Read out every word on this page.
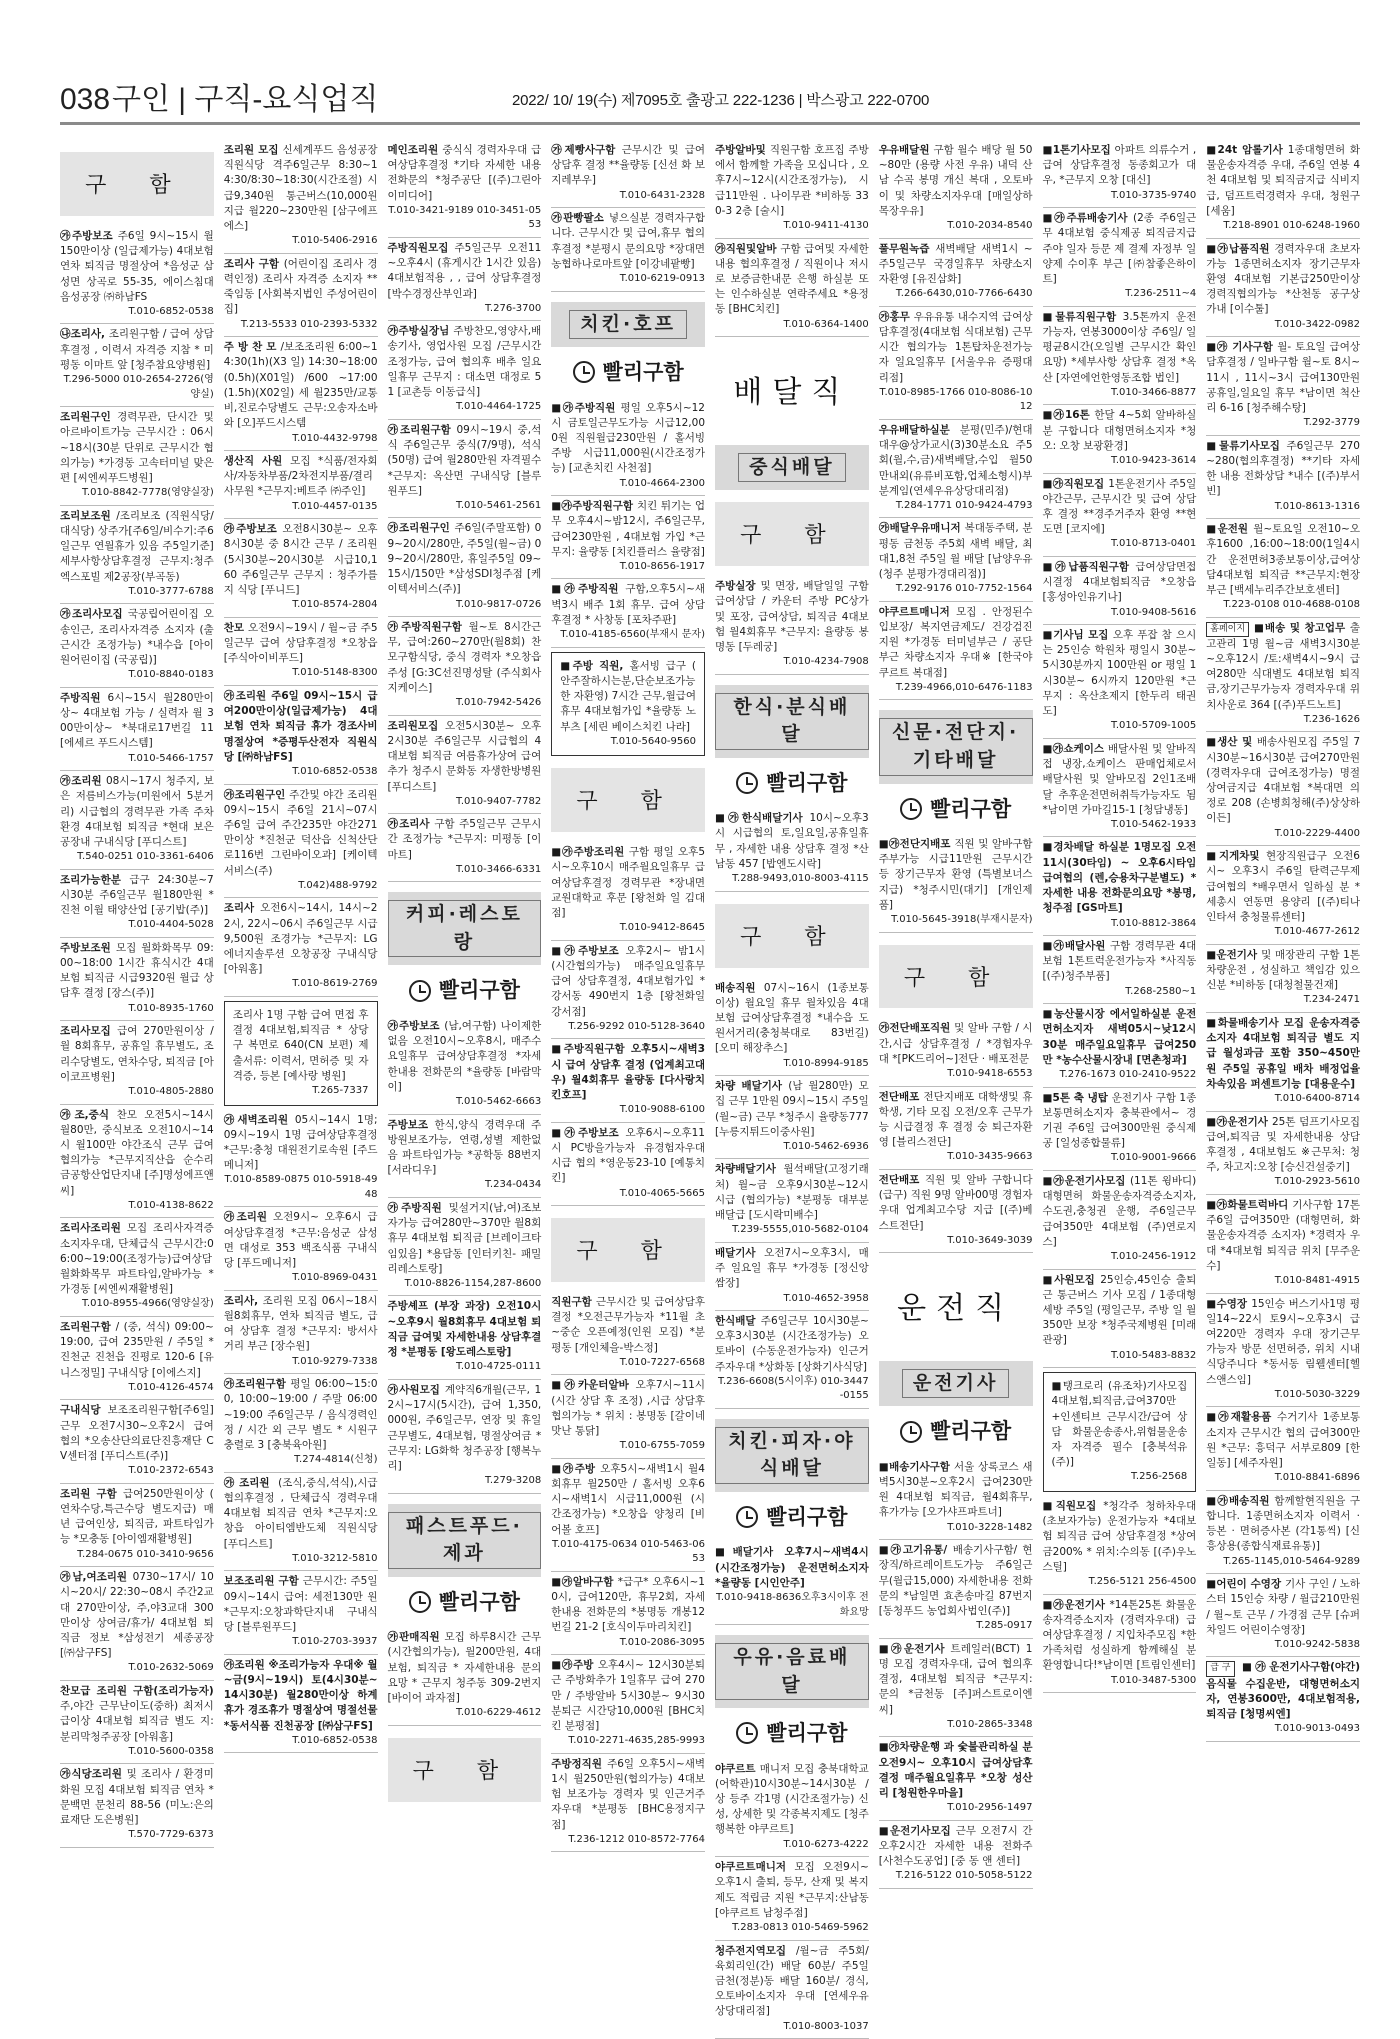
038 구인 | 구직-요식업직	2022/ 10/ 19(수) 제7095호 출광고 222-1236 | 박스광고 222-0700
구 함
㉮주방보조 주6일 9시~15시 월150만이상 (일급제가능) 4대보험 연차 퇴직금 명절상여 *음성군 삼성면 상곡로 55-35, 에이스침대 음성공장 ㈜하남FS
T.010-6852-0538
㉯조리사, 조리원구함 / 급여 상담후결정 , 이력서 자격증 지참 * 미평동 이마트 앞 [청주참요양병원]
T.296-5000 010-2654-2726(영양실)
조리원구인 경력무관, 단시간 및 아르바이트가능 근무시간 : 06시~18시(30분 단위로 근무시간 협의가능) *가경동 고속터미널 맞은편 [씨엔씨푸드병원]
T.010-8842-7778(영양실장)
조리보조원 /조리보조 (직원식당/대식당) 상주가[주6일/비수기:주6일근무 연월휴가 있음 주5일기준] 세부사항상담후결정 근무지:청주엑스포빌 제2공장(부곡동)
T.010-3777-6788
㉮조리사모집 국공립어린이집 오송인근, 조리사자격증 소지자 (출근시간 조정가능) *내수읍 [아이원어린이집 (국공립)]
T.010-8840-0183
주방직원 6시~15시 월280만이상~ 4대보험 가능 / 실력자 월 300만이상~ *북대로17번길 11 [에세르 푸드시스템]
T.010-5466-1757
㉮조리원 08시~17시 청주지, 보은 저름비스가능(미원에서 5분거리) 시급협의 경력무관 가족 주차환경 4대보험 퇴직금 *현대 보은공장내 구내식당 [푸디스트]
T.540-0251 010-3361-6406
조리가능한분 급구 24:30분~7시30분 주6일근무 월180만원 * 진천 이월 태양산업 [공기밥(주)]
T.010-4404-5028
주방보조원 모집 월화화목무 09:00~18:00 1시간 휴식시간 4대보험 퇴직금 시급9320원 월급 상담후 결정 [장스(주)]
T.010-8935-1760
조리사모집 급여 270만원이상 / 월 8회휴무, 공휴일 휴무별도, 조리수당별도, 연차수당, 퇴직금 [아이코프병원]
T.010-4805-2880
㉮조,중식 찬모 오전5시~14시 월80만, 중식보조 오전10시~14시 월100만 야간조식 근무 급여협의가능 *근무지직산읍 순수리 금공항산업단지내 [주]명성에프앤씨]
T.010-4138-8622
조리사조리원 모집 조리사자격증소지자우대, 단체급식 근무시간:06:00~19:00(조정가능)급여상담 월화화목무 파트타임,알바가능 *가경동 [씨엔씨재활병원]
T.010-8955-4966(영양실장)
조리원구함 / (중, 석식) 09:00~19:00, 급여 235만원 / 주5일 * 진천군 진천읍 진평로 120-6 [유니스정밀] 구내식당 [이에스지]
T.010-4126-4574
구내식당 보조조리원구함[주6일] 근무 오전7시30~오후2시 급여협의 *오송산단의료단진흥재단 CV센터점 [푸디스트(주)]
T.010-2372-6543
조리원 구함 급여250만원이상 ( 연차수당,특근수당 별도지급) 매년 급여인상, 퇴직금, 파트타임가능 *모충동 [아이엠재활병원]
T.284-0675 010-3410-9656
㉮남,여조리원 0730~17시/ 10시~20시/ 22:30~08시 주간2교대 270만이상, 주,야3교대 300만이상 상여금/휴가/ 4대보험 퇴직금 정보 *삼성전기 세종공장 [㈜삼구FS]
T.010-2632-5069
찬모급 조리원 구함(조리가능자) 주,야간 근무난이도(중하) 최저시급이상 4대보험 퇴직금 별도 지: 분리막청주공장 [아워홈]
T.010-5600-0358
㉮식당조리원 및 조리사 / 환경미화원 모집 4대보험 퇴직금 연차 *문백면 문천리 88-56 (미노:은의료재단 도은병원]
T.570-7729-6373
조리원 모집 신세계푸드 음성공장 직원식당 격주6일근무 8:30~14:30/8:30~18:30(시간조절) 시급9,340원 통근버스(10,000원 지급 월220~230만원 [삼구에프에스]
T.010-5406-2916
조리사 구함 (어린이집 조리사 경력인정) 조리사 자격증 소지자 **죽임동 [사회복지법인 주성어린이집]
T.213-5533 010-2393-5332
주 방 찬 모 /보조조리원 6:00~14:30(1h)(X3 일) 14:30~18:00(0.5h)(X01일) /600 ~17:00(1.5h)(X02일) 세 월235만/교통비,진로수당별도 근무:오송자소바와 [오]푸드시스템
T.010-4432-9798
생산직 사원 모집 *식품/전자회사/자동차부품/2차전지부품/결리사무원 *근무지:베트주 ㈜주인]
T.010-4457-0135
㉮주방보조 오전8시30분~ 오후8시30분 중 8시간 근무 / 조리원(5시30분~20시30분 시급10,160 주6일근무 근무지 : 청주가를지 식당 [푸니드]
T.010-8574-2804
찬모 오전9시~19시 / 월~금 주5일근무 급여 상담후결정 *오창읍 [주식아이비푸드]
T.010-5148-8300
㉮조리원 주6일 09시~15시 급여200만이상(일급제가능) 4대보험 연차 퇴직금 휴가 경조사비 명절상여 *증평두산전자 직원식당 [㈜하남FS]
T.010-6852-0538
㉮조리원구인 주간및 야간 조리원 09시~15시 주6일 21시~07시 주6일 급여 주간235만 야간271만이상 *진천군 덕산읍 신척산단로116번 그린바이오과] [케이텍서비스(주)
T.042)488-9792
조리사 오전6시~14시, 14시~22시, 22시~06시 주6일근무 시급9,500원 조경가능 *근무지: LG에너지솔루션 오창공장 구내식당 [아워홈]
T.010-8619-2769
조리사 1명 구함 급여 면접 후 결정 4대보험,퇴직금 * 상당구 복면로 640(CN 보편) 제출서류: 이력서, 면허증 및 자격증, 등본 [예사랑 병원]
T.265-7337
㉮새벽조리원 05시~14시 1명; 09시~19시 1명 급여상담후결정 *근무:충청 대원전기로속원 [주드메니저]
T.010-8589-0875 010-5918-4948
㉮조리원 오전9시~ 오후6시 급여상담후결정 *근무:음성군 삼성면 대성로 353 백조식품 구내식당 [푸드메니저]
T.010-8969-0431
조리사, 조리원 모집 06시~18시 월8회휴무, 연차 퇴직금 별도, 급여 상담후 결정 *근무지: 방서사거리 부근 [장수원]
T.010-9279-7338
㉮조리원구함 평일 06:00~15:00, 10:00~19:00 / 주말 06:00~19:00 주6일근무 / 음식경력인정 / 시간 외 근무 별도 * 시원구 충렬로 3 [충북육아원]
T.274-4814(신청)
㉮조리원 (조식,중식,석식),시급 협의후결정 , 단체급식 경력우대 4대보험 퇴직금 연차 *근무지:오창읍 아이티엠반도체 직원식당 [푸디스트]
T.010-3212-5810
보조조리원 구함 근무시간: 주5일 09시~14시 급여: 세전130만 원 *근무지:오창과학단지내 구내식당 [블루원푸드]
T.010-2703-3937
㉮조리원 ※조리가능자 우대※ 월~금(9시~19시) 토(4시30분~14시30분) 월280만이상 하계휴가 경조휴가 명절상여 명절선물 *동서식품 진천공장 [㈜삼구FS]
T.010-6852-0538
메인조리원 중식식 경력자우대 급여상담후결정 *기타 자세한 내용 전화문의 *청주공단 [(주)그린아이미디어]
T.010-3421-9189 010-3451-0553
주방직원모집 주5일근무 오전11~오후4시 (휴게시간 1시간 있음) 4대보험적용 , , 급여 상담후결정 [박수경정산부인과]
T.276-3700
㉮주방실장님 주방찬모,영양사,배송기사, 영업사원 모집 /근무시간조정가능, 급여 협의후 배추 일요일휴무 근무지 : 대소면 대정로 51 [교촌등 이동급식]
T.010-4464-1725
㉮조리원구함 09시~19시 중,석식 주6일근무 중식(7/9명), 석식(50명) 급여 월280만원 자격필수 *근무지: 옥산면 구내식당 [블루원푸드]
T.010-5461-2561
㉮조리원구인 주6일(주말포함) 09~20시/280만, 주5일(월~금) 09~20시/280만, 휴일주5일 09~15시/150만 *삼성SDI청주점 [케이텍서비스(주)]
T.010-9817-0726
㉮주방직원구함 월~토 8시간근무, 급여:260~270만(월8회) 찬모구함식당, 중식 경력자 *오창읍 주성 [G:3C선진명성탈 (주식회사 지케이스]
T.010-7942-5426
조리원모집 오전5시30분~ 오후2시30분 주6일근무 시급협의 4대보험 퇴직금 여름휴가상여 급여 추가 청주시 문화동 자생한방병원 [푸디스트]
T.010-9407-7782
㉮조리사 구함 주5일근무 근무시간 조정가능 *근무지: 미평동 [이마트]
T.010-3466-6331
커피·레스토랑
빨리구함
㉮주방보조 (남,여구함) 나이제한 없음 오전10시~오후8시, 매주수요일휴무 급여상담후결정 *자세한내용 전화문의 *율량동 [바람막이]
T.010-5462-6663
주방보조 한식,양식 경력우대 주방원보조가능, 연령,성별 제한없음 파트타임가능 *공학동 88번지 [서라디우]
T.234-0434
㉮주방직원 및설거지(남,여)조보자가능 급여280만~370만 월8회휴무 4대보험 퇴직금 [브레이크타임있음] *용담동 [인터키친- 패밀리레스토랑]
T.010-8826-1154,287-8600
주방셰프 (부장 과장) 오전10시~오후9시 월8회휴무 4대보험 퇴직금 급여및 자세한내용 상담후결정 *분평동 [왕도레스토랑]
T.010-4725-0111
㉮사원모집 계약직6개월(근무, 12시~17시(5시간), 급여 1,350,000원, 주6일근무, 연장 및 휴일 근무별도, 4대보험, 명절상여금 *근무지: LG화학 청주공장 [행복누리]
T.279-3208
패스트푸드·제과
빨리구함
㉮판매직원 모집 하루8시간 근무(시간협의가능), 월200만원, 4대보험, 퇴직금 * 자세한내용 문의요망 * 근무지 청주동 309-2번지 [바이어 과자점]
T.010-6229-4612
구 함
㉮제빵사구함 근무시간 및 급여 상담후 결정 **율량동 [신선 화 보지레부우]
T.010-6431-2328
㉮판빵팔소 넣으실분 경력자구합니다. 근무시간 및 급여,휴무 협의후결정 *분평시 문의요망 *장대면 농협하나로마트앞 [이강네팥빵]
T.010-6219-0913
치킨·호프
빨리구함
■㉮주방직원 평일 오후5시~12시 금토일근무도가능 시급12,000원 직원월급230만원 / 홀서빙 주방 시급11,000원(시간조정가능) [교촌치킨 사천점]
T.010-4664-2300
■㉮주방직원구함 치킨 튀기는 업무 오후4시~밤12시, 주6일근무, 급여230만원 , 4대보험 가입 *근무지: 율량동 [치킨플러스 율량점]
T.010-8656-1917
■㉮주방직원 구함,오후5시~새벽3시 배주 1회 휴무. 급여 상담후결정 * 사창동 [포차주판]
T.010-4185-6560(부재시 문자)
■주방 직원, 홀서빙 급구 ( 안주잘하시는분,단순보조가능한 자환영) 7시간 근무,월급여 휴무 4대보험가입 *율량동 노부츠 [세린 베이스치킨 나라]
T.010-5640-9560
구 함
■㉮주방조리원 구함 평일 오후5시~오후10시 매주월요일휴무 급여상담후결정 경력무관 *장내면 교원대학교 후문 [왕천화 일 김대점]
T.010-9412-8645
■㉮주방보조 오후2시~ 밤1시(시간협의가능) 매주일요일휴무 급여 상담후결정, 4대보험가입 *강서동 490번지 1층 [왕천화일 강서점]
T.256-9292 010-5128-3640
■주방직원구함 오후5시~새벽3시 급여 상담후 결정 (업계최고대우) 월4회휴무 율량동 [다사랑치킨호프]
T.010-9088-6100
■㉮주방보조 오후6시~오후11시 PC방을가능자 유경험자우대 시급 협의 *영운동23-10 [예통치킨]
T.010-4065-5665
구 함
직원구함 근무시간 및 급여상담후결정 *오전근무가능자 *11월 초~중순 오픈예정(인원 모집) *분평동 [개인체을-박스정]
T.010-7227-6568
■㉮카운터알바 오후7시~11시 (시간 상담 후 조정) ,시급 상담후 협의가능 * 위치 : 봉명동 [갈이네 맛난 통닭]
T.010-6755-7059
■㉮주방 오후5시~새벽1시 월4회휴무 월250만 / 홀서빙 오후6시~새벽1시 시급11,000원 (시간조정가능) *오창읍 양청리 [비어볼 호프]
T.010-4175-0634 010-5463-0653
■㉮알바구함 *급구* 오후6시~10시, 급여120만, 휴무2회, 자세한내용 전화문의 *봉명동 개봉12번길 21-2 [호식이두마리치킨]
T.010-2086-3095
■㉮주방 오후4시~ 12시30분퇴근 주방화추가 1일휴무 급여 270만 / 주방알바 5시30분~ 9시30분퇴근 시간당10,000원 [BHC치킨 분평점]
T.010-2271-4635,285-9993
주방정직원 주6일 오후5시~새벽1시 월250만원(협의가능) 4대보험 보조가능 경력자 및 인근거주자우대 *분평동 [BHC용정지구점]
T.236-1212 010-8572-7764
주방알바및 직원구함 호프집 주방에서 함께할 가족을 모십니다 , 오후7시~12시(시간조정가능), 시급11만원 . 나이무관 *비하동 330-3 2층 [술시]
T.010-9411-4130
㉮직원및알바 구함 급여및 자세한내용 협의후결정 / 직원이나 저시로 보증금한내문 은행 하실분 또는 인수하실분 연락주세요 *용정동 [BHC치킨]
T.010-6364-1400
배달직
중식배달
구 함
주방실장 및 면장, 배달일일 구함 급여상담 / 카운터 주방 PC상가 및 포장, 급여상담, 퇴직금 4대보험 월4회휴무 *근무지: 율량동 봉명동 [두레궁]
T.010-4234-7908
한식·분식배달
빨리구함
■㉮한식배달기사 10시~오후3시 시급협의 토,일요일,공휴일휴무 , 자세한 내용 상담후 결정 *산남동 457 [밥엔도시락]
T.288-9493,010-8003-4115
구 함
배송직원 07시~16시 (1종보통이상) 월요일 휴무 월차있음 4대보험 급여상담후결정 *내수읍 도원서거리(충청북대로 83번길) [오미 해장추스]
T.010-8994-9185
차량 배달기사 (남 월280만) 모집 근무 1만원 09시~15시 주5일 (월~금) 근무 *청주시 율량동777 [누릉지튀드이중사원]
T.010-5462-6936
차량배달기사 월석배달(고정기래처) 월~금 오후9시30분~12시 시급 (협의가능) *분평동 대부분 배달급 [도시락미배수]
T.239-5555,010-5682-0104
배달기사 오전7시~오후3시, 매주 일요일 휴무 *가경동 [정신앙 쌈장]
T.010-4652-3958
한식배달 주6일근무 10시30분~오후3시30분 (시간조정가능) 오토바이 (수동운전가능자) 인근거주자우대 *상화동 [상화기사식당]
T.236-6608(5시이후) 010-3447-0155
치킨·피자·야식배달
빨리구함
■배달기사 오후7시~새벽4시 (시간조정가능) 운전면허소지자 *율량동 [시인안주]
T.010-9418-8636오후3시이후 전화요망
우유·음료배달
빨리구함
야쿠르트 매니저 모집 충북대학교(어학관)10시30분~14시30분 / 상 등주 각1명 (시간조절가능) 신성, 상세한 및 각종복지제도 [청주행복한 야쿠르트]
T.010-6273-4222
야쿠르트매니저 모집 오전9시~오후1시 출퇴, 등무, 산재 및 복지제도 적립금 지원 *근무지:산남동 [야쿠르트 남청주점]
T.283-0813 010-5469-5962
청주전지역모집 /월~금 주5회/ 육회리인(간) 배달 60분/ 주5일 금천(정분)동 배달 160분/ 경식, 오토바이소지자 우대 [연세우유 상당대리점]
T.010-8003-1037
우유배달원 구함 월수 배당 월 50~80만 (용량 사전 우유) 내덕 산남 수곡 봉명 개신 복대 , 오토바이 및 차량소지자우대 [매일상하목장우유]
T.010-2034-8540
풀무원녹즙 새벽배달 새벽1시 ~ 주5일근무 국경일휴무 차량소지자환영 [유진삼화]
T.266-6430,010-7766-6430
㉮홍무 우유유통 내수지역 급여상담후결정(4대보험 식대보험) 근무시간 협의가능 1톤탑차운전가능자 일요일휴무 [서울우유 증평대리점]
T.010-8985-1766 010-8086-1012
우유배달하실분 분평(민주)/현대대우@상가교시(3)30분소요 주5회(월,수,금)새벽배달,수입 월50만내외(유류비포함,업체소형시)부분계임(연세우유상당대리점)
T.284-1771 010-9424-4793
㉮배달우유매니저 복대동주택, 분평동 금천동 주5회 새벽 배달, 최대1,8천 주5일 월 배달 [남양우유 (청주 분평가경대리점)]
T.292-9176 010-7752-1564
야쿠르트매니저 모집 . 안정된수입보장/ 복지연금제도/ 건강검진지원 *가경동 터미널부근 / 공단부근 차량소지자 우대※ [한국야쿠르트 복대점]
T.239-4966,010-6476-1183
신문·전단지·기타배달
빨리구함
■㉮전단지배포 직원 및 알바구함 주부가능 시급11만원 근무시간 등 장기근무자 환영 (특별보너스지급) *청주시민(대기] [개인제품]
T.010-5645-3918(부재시문자)
구 함
㉮전단배포직원 및 알바 구함 / 시간,시급 상담후결정 / *경험자우대 *[PK드리어~]전단 · 배포전문
T.010-9418-6553
전단배포 전단지배포 대학생및 휴학생, 기타 모집 오전/오후 근무가능 시급결정 후 결정 숭 퇴근자환영 [블리스전단]
T.010-3435-9663
전단배포 직원 및 알바 구합니다 (급구) 직원 9명 알바00명 경험자우대 업계최고수당 지급 [(주)베스트전단]
T.010-3649-3039
운전직
운전기사
빨리구함
■배송기사구함 서울 상록코스 새벽5시30분~오후2시 급여230만원 4대보험 퇴직금, 월4회휴무, 휴가가능 [오가샤프파트너]
T.010-3228-1482
■㉮고기유통/ 배송기사구함/ 현장직/하르레이트도가능 주6일근무(월급15,000) 자세한내용 전화문의 *남일면 효촌송마길 87번지 [동청푸드 농업회사법인(주)]
T.285-0917
■㉮운전기사 트레일러(BCT) 1명 모집 경력자우대, 급여 협의후 결정, 4대보험 퇴직금 *근무지: 문의 *금천동 [주]퍼스트로이엔씨]
T.010-2865-3348
■㉮차량운행 과 숯불관리하실 분 오전9시~ 오후10시 급여상담후결정 매주월요일휴무 *오창 성산리 [청원한우마을]
T.010-2956-1497
■운전기사모집 근무 오전7시 간 오후2시간 자세한 내용 전화주 [사천수도공업] [중 동 앤 센터]
T.216-5122 010-5058-5122
■1톤기사모집 아파트 의류수거 , 급여 상담후결정 동종회고가 대우, *근무지 오창 [대신]
T.010-3735-9740
■㉮주류배송기사 (2종 주6일근무 4대보험 중식제공 퇴직금지급 주야 일자 등문 제 결제 자정부 일양제 수이후 부근 [㈜참좋은하이트]
T.236-2511~4
■물류직원구함 3.5톤까지 운전가능자, 연봉3000이상 주6일/ 일평균8시간(오일별 근무시간 확인요망) *세부사항 상담후 결정 *옥산 [자연에언한영동조합 법인]
T.010-3466-8877
■㉮16톤 한달 4~5회 알바하실분 구합니다 대형면허소지자 *청오: 오창 보광환경]
T.010-9423-3614
■㉮직원모집 1톤운전기사 주5일 야간근무, 근무시간 및 급여 상담후 결정 **경주거주자 환영 **현도면 [코지에]
T.010-8713-0401
■㉮납품직원구함 급여상담면접시결정 4대보험퇴직금 *오창읍 [홍성아인유기나]
T.010-9408-5616
■기사님 모집 오후 푸잡 참 으시는 25인승 학원차 평일시 30분~ 5시30분까지 100만원 or 평일 1시30분~ 6시까지 120만원 *근무지 : 옥산초제지 [한두리 태권도]
T.010-5709-1005
■㉮쇼케이스 배달사원 및 알바직접 냉장,쇼케이스 판매업체로서 배달사원 및 알바모집 2인1조배달 추후운전면허취득가능자도 됨 *남이면 가마길15-1 [청담냉동]
T.010-5462-1933
■경차배달 하실분 1명모집 오전11시(30타임) ~ 오후6시타임 급여협의 (렌,승용차구분별도) *자세한 내용 전화문의요망 *봉명,청주점 [GS마트]
T.010-8812-3864
■㉮배달사원 구함 경력무관 4대보험 1톤트럭운전가능자 *사직동 [(주)청주부품]
T.268-2580~1
■농산물시장 에서일하실분 운전면허소지자 새벽05시~낮12시 30분 매주일요일휴무 급여250만 *농수산물시장내 [면촌청과]
T.276-1673 010-2410-9522
■5톤 축 냉탑 운전기사 구함 1종보통면허소지자 충북관에서~ 경기권 주6일 급여300만원 중식제공 [일성종합물류]
T.010-9001-9666
■㉮운전기사모집 (11톤 윙바디) 대형면허 화물운송자격증소지자, 수도권,충청권 운행, 주6일근무 급여350만 4대보험 (주)연로지스]
T.010-2456-1912
■사원모집 25인승,45인승 출퇴근 통근버스 기사 모집 / 1종대형 세방 주5일 (평일근무, 주방 일 월350만 보장 *청주국제병원 [미래관광]
T.010-5483-8832
■탱크로리 (유조차)기사모집 4대보험,퇴직금,급여370만+인센티브 근무시간/급여 상담 화물운송종사,위험물운송자 자격증 필수 [충북석유(주)]
T.256-2568
■직원모집 *청각주 청하차우대 (초보자가능) 운전가능자 *4대보험 퇴직금 급여 상담후결정 *상여금200% * 위치:수의동 [(주)우노스틸]
T.256-5121 256-4500
■㉮운전기사 *14톤25톤 화물운송자격증소지자 (경력자우대) 급여상담후결정 / 지입차주모집 *한가족처럼 성실하게 함께해실 분 환영합니다!*남이면 [트림인센터]
T.010-3487-5300
■24t 암롤기사 1종대형면허 화물운송자격증 우대, 주6일 연봉 4천 4대보험 및 퇴직금지급 식비지급, 덤프트럭경력자 우대, 청원구 [세움]
T.218-8901 010-6248-1960
■㉮납품직원 경력자우대 초보자가능 1종면허소지자 장기근무자 환영 4대보험 기본급250만이상 경력직협의가능 *산천동 공구상가내 [이수툴]
T.010-3422-0982
■㉮ 기사구함 월- 토요일 급여상담후결정 / 일바구함 월~토 8시~11시 , 11시~3시 급여130만원 공휴일,일요일 휴무 *남이면 척산리 6-16 [청주해수탕]
T.292-3779
■물류기사모집 주6일근무 270~280(협의후결정) **기타 자세한 내용 전화상담 *내수 [(주)부서빈]
T.010-8613-1316
■운전원 월~토요일 오전10~오후1600 ,16:00~18:00(1일4시간 운전면허3종보통이상,급여상담4대보험 퇴직금 **근무지:현장부근 [백세누리주간보호센터]
T.223-0108 010-4688-0108
홈페이지 ■배송 및 창고업무 출고관리 1명 월~금 새벽3시30분~오후12시 /토:새벽4시~9시 급여280만 식대별도 4대보험 퇴직금,장기근무가능자 경력자우대 위치사운로 364 [(주)푸드노트]
T.236-1626
■생산 및 배송사원모집 주5일 7시30분~16시30분 급여270만원 (경력자우대 급여조정가능) 명절상여금지급 4대보험 *복대면 의정로 208 (손병희청해(주)상상하이든]
T.010-2229-4400
■지게차및 현장직원급구 오전6시~ 오후3시 주6일 탄력근무제 급여협의 *배우면서 일하실 분 *세총시 연동면 용양리 [(주)티나인타셔 충청물류센터]
T.010-4677-2612
■운전기사 및 매장관리 구함 1톤차량운전 , 성실하고 책임감 있으신분 *비하동 [대청철물건재]
T.234-2471
■화물배송기사 모집 운송자격증소지자 4대보험 퇴직금 별도 지급 월성과금 포함 350~450만원 주5일 공휴일 배차 배정업율 차속있음 퍼센트기능 [대용운수]
T.010-6400-8714
■㉮운전기사 25톤 덤프기사모집 급여,퇴직금 및 자세한내용 상담후결정 , 4대보험도 ※근무처: 청주, 차고지:오창 [승신건설중기]
T.010-2923-5610
■㉮화물트럭바디 기사구함 17톤 주6일 급여350만 (대형면허, 화물운송자격증 소지자) *경력자 우대 *4대보험 퇴직금 위치 [무주운수]
T.010-8481-4915
■수영장 15인승 버스기사1명 평일14~22시 토9시~오후3시 급여220만 경력자 우대 장기근무 가능자 방문 선면허증, 위치 시내 식당주니다 *동서동 림웰센터[헬스앤스임]
T.010-5030-3229
■㉮재활용품 수거기사 1종보통소지자 근무시간 협의 급여300만원 *근무: 흥덕구 서부로809 [한일동] [세주자원]
T.010-8841-6896
■㉮배송직원 함께할현직원을 구합니다. 1종면허소지자 이력서 · 등본 · 면허증사본 (각1통씩) [신흥상용(종합식재료유통)]
T.265-1145,010-5464-9289
■어린이 수영장 기사 구인 / 노하스터 15인승 차량 / 월급210만원 / 월~토 근무 / 가경점 근무 [슈퍼차일드 어린이수영장]
T.010-9242-5838
급 구 ■㉮운전기사구함(야간) 음식물 수집운반, 대형면허소지자, 연봉3600만, 4대보험적용, 퇴직금 [청명씨엔]
T.010-9013-0493
